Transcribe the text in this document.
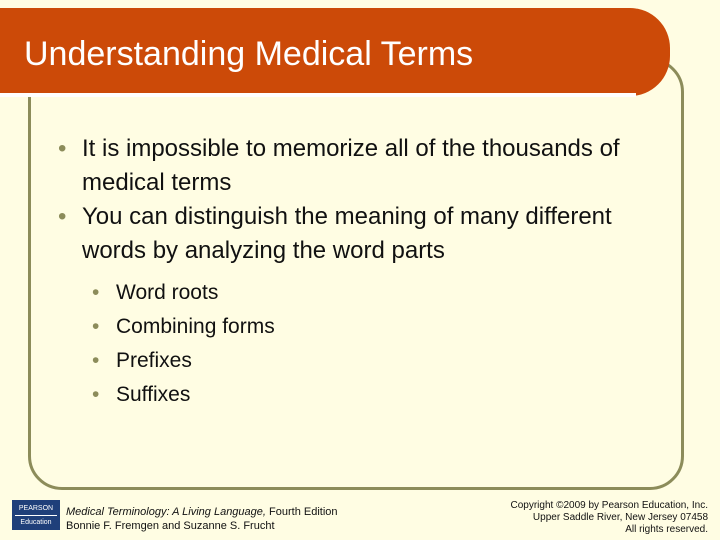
Understanding Medical Terms
• It is impossible to memorize all of the thousands of medical terms
• You can distinguish the meaning of many different words by analyzing the word parts
• Word roots
• Combining forms
• Prefixes
• Suffixes
PEARSON
Education
Medical Terminology: A Living Language, Fourth Edition
Bonnie F. Fremgen and Suzanne S. Frucht
Copyright ©2009 by Pearson Education, Inc.
Upper Saddle River, New Jersey 07458
All rights reserved.
